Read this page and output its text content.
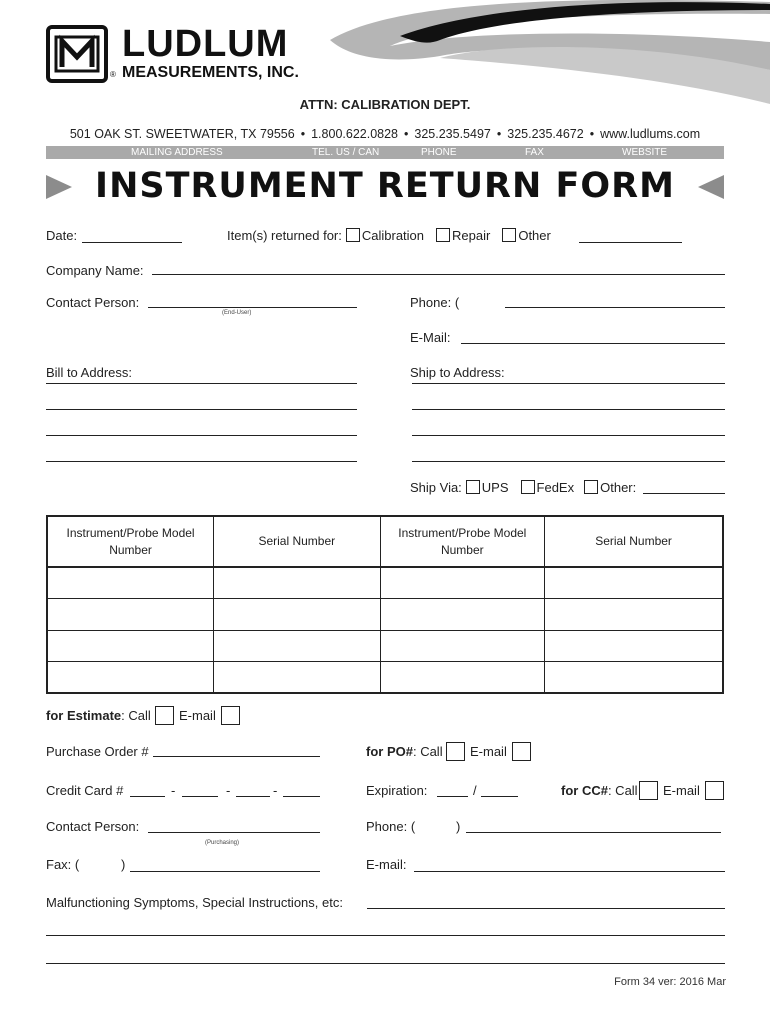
LUDLUM
MEASUREMENTS, INC.
®
ATTN: CALIBRATION DEPT.
501 OAK ST. SWEETWATER, TX 79556 • 1.800.622.0828 • 325.235.5497 • 325.235.4672 • www.ludlums.com
MAILING ADDRESS	TEL. US / CAN	PHONE	FAX	WEBSITE
INSTRUMENT RETURN FORM
Date:	Item(s) returned for: Calibration Repair Other
Company Name:
Contact Person:
(End-User)
Phone: (
E-Mail:
Bill to Address:	Ship to Address:
Ship Via: UPS FedEx Other:
Instrument/Probe Model Number	Serial Number	Instrument/Probe Model Number	Serial Number

for Estimate: Call E-mail
Purchase Order #	for PO#: Call E-mail
Credit Card #	-	-	-	Expiration:	/	for CC#: Call E-mail
Contact Person:
(Purchasing)
Phone: (	)
Fax: (	)	E-mail:
Malfunctioning Symptoms, Special Instructions, etc:
Form 34 ver: 2016 Mar
